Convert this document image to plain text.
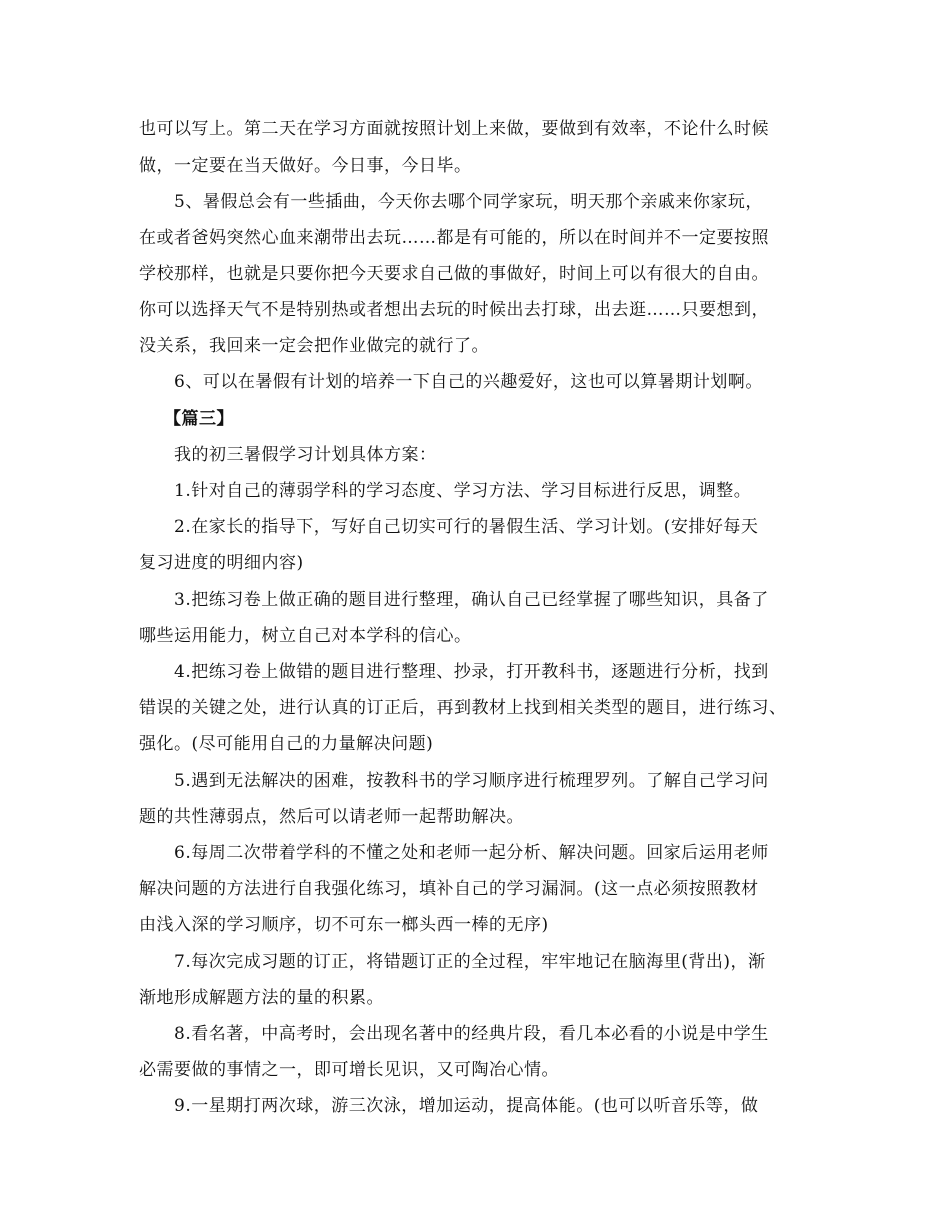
也可以写上。第二天在学习方面就按照计划上来做，要做到有效率，不论什么时候
做，一定要在当天做好。今日事，今日毕。
5、暑假总会有一些插曲，今天你去哪个同学家玩，明天那个亲戚来你家玩，
在或者爸妈突然心血来潮带出去玩……都是有可能的，所以在时间并不一定要按照
学校那样，也就是只要你把今天要求自己做的事做好，时间上可以有很大的自由。
你可以选择天气不是特别热或者想出去玩的时候出去打球，出去逛……只要想到，
没关系，我回来一定会把作业做完的就行了。
6、可以在暑假有计划的培养一下自己的兴趣爱好，这也可以算暑期计划啊。
【篇三】
我的初三暑假学习计划具体方案：
1.针对自己的薄弱学科的学习态度、学习方法、学习目标进行反思，调整。
2.在家长的指导下，写好自己切实可行的暑假生活、学习计划。(安排好每天
复习进度的明细内容)
3.把练习卷上做正确的题目进行整理，确认自己已经掌握了哪些知识，具备了
哪些运用能力，树立自己对本学科的信心。
4.把练习卷上做错的题目进行整理、抄录，打开教科书，逐题进行分析，找到
错误的关键之处，进行认真的订正后，再到教材上找到相关类型的题目，进行练习、
强化。(尽可能用自己的力量解决问题)
5.遇到无法解决的困难，按教科书的学习顺序进行梳理罗列。了解自己学习问
题的共性薄弱点，然后可以请老师一起帮助解决。
6.每周二次带着学科的不懂之处和老师一起分析、解决问题。回家后运用老师
解决问题的方法进行自我强化练习，填补自己的学习漏洞。(这一点必须按照教材
由浅入深的学习顺序，切不可东一榔头西一棒的无序)
7.每次完成习题的订正，将错题订正的全过程，牢牢地记在脑海里(背出)，渐
渐地形成解题方法的量的积累。
8.看名著，中高考时，会出现名著中的经典片段，看几本必看的小说是中学生
必需要做的事情之一，即可增长见识，又可陶冶心情。
9.一星期打两次球，游三次泳，增加运动，提高体能。(也可以听音乐等，做
